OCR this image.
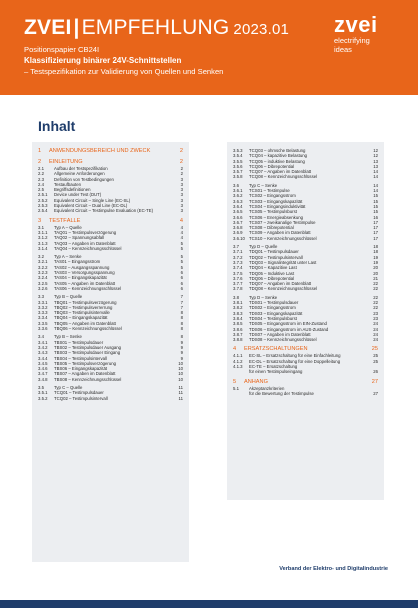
ZVEI|EMPFEHLUNG 2023.01
Positionspapier CB24I
Klassifizierung binärer 24V-Schnittstellen
– Testspezifikation zur Validierung von Quellen und Senken
zvei
electrifying
ideas
Inhalt
1	ANWENDUNGSBEREICH UND ZWECK	2
2	EINLEITUNG	2
2.1	Aufbau der Testspezifikation	2
2.2	Allgemeine Anforderungen	2
2.3	Definition von Testbedingungen	3
2.4	Testaufbauten	3
2.5	Begriffsdefinitionen	3
2.5.1	Device under Test (DUT)	3
2.5.2	Equivalent Circuit – Single Line (EC-SL)	3
2.5.3	Equivalent Circuit – Dual Line (EC-DL)	3
2.5.4	Equivalent Circuit – Testimpulse Evaluation (EC-TE)	3
3	TESTFÄLLE	4
3.1	Typ A – Quelle	4
3.1.1	TAQ01 – Testimpulsverzögerung	4
3.1.2	TAQ02 – Spannungsabfall	4
3.1.3	TAQ03 – Angaben im Datenblatt	5
3.1.4	TAQ04 – Kennzeichnungsschlüssel	5
3.2	Typ A – Senke	5
3.2.1	TAS01 – Eingangsstrom	5
3.2.2	TAS02 – Ausgangsspannung	5
3.2.3	TAS03 – Versorgungsspannung	6
3.2.4	TAS04 – Eingangskapazität	6
3.2.5	TAS05 – Angaben im Datenblatt	6
3.2.6	TAS06 – Kennzeichnungsschlüssel	6
3.3	Typ B – Quelle	7
3.3.1	TBQ01 – Testimpulsverzögerung	7
3.3.2	TBQ02 – Testimpulsverrerrung	7
3.3.3	TBQ03 – Testimpulsintervalle	8
3.3.4	TBQ04 – Eingangskapazität	8
3.3.5	TBQ05 – Angaben im Datenblatt	8
3.3.6	TBQ06 – Kennzeichnungsschlüssel	8
3.4	Typ B – Senke	8
3.4.1	TBS01 – Testimpulsdauer	9
3.4.2	TBS02 – Testimpulsdauer Ausgang	9
3.4.3	TBS03 – Testimpulsdauer Eingang	9
3.4.4	TBS04 – Testimpulsintervall	9
3.4.5	TBS05 – Testimpulsverzögerung	10
3.4.6	TBS06 – Eingangskapazität	10
3.4.7	TBS07 – Angaben im Datenblatt	10
3.4.8	TBS08 – Kennzeichnungsschlüssel	10
3.5	Typ C – Quelle	11
3.5.1	TCQ01 – Testimpulsdauer	11
3.5.2	TCQ02 – Testimpulsintervall	11
3.5.3	TCQ03 – ohmsche Belastung	12
3.5.4	TCQ04 – kapazitive Belastung	12
3.5.5	TCQ05 – induktive Belastung	13
3.5.6	TCQ06 – Dibrepotential	13
3.5.7	TCQ07 – Angaben im Datenblatt	14
3.5.8	TCQ08 – Kennzeichnungsschlüssel	14
3.6	Typ C – Senke	14
3.6.1	TCS01 – Testimpulse	14
3.6.2	TCS02 – Eingangsstrom	15
3.6.3	TCS03 – Eingangskapazität	15
3.6.4	TCS04 – Eingangsinduktivität	15
3.6.5	TCS05 – Testimpulsburst	15
3.6.6	TCS06 – Energieabsenkung	16
3.6.7	TCS07 – zweikanalige Testimpulse	17
3.6.8	TCS08 – Dibrepotential	17
3.6.9	TCS09 – Angaben im Datenblatt	17
3.6.10 TCS10 – Kennzeichnungsschlüssel	17
3.7	Typ D – Quelle	18
3.7.1	TDQ01 – Testimpulsdauer	18
3.7.2	TDQ02 – Testimpulsintervall	19
3.7.3	TDQ03 – Signalintegrität unter Last	19
3.7.4	TDQ04 – Kapazitive Last	20
3.7.5	TDQ05 – Induktive Last	20
3.7.6	TDQ06 – Dibrepotential	21
3.7.7	TDQ07 – Angaben im Datenblatt	22
3.7.8	TDQ08 – Kennzeichnungsschlüssel	22
3.8	Typ D – Senke	22
3.8.1	TDS01 – Testimpulsdauer	22
3.8.2	TDS02 – Eingangsstrom	22
3.8.3	TDS03 – Eingangskapazität	23
3.8.4	TDS04 – Testimpulsburst	23
3.8.5	TDS05 – Eingangsstrom im EIN-Zustand	24
3.8.6	TDS06 – Eingangsstrom im AUS-Zustand	24
3.8.7	TDS07 – Angaben im Datenblatt	24
3.8.8	TDS08 – Kennzeichnungsschlüssel	24
4	ERSATZSCHALTUNGEN	25
4.1.1	EC-SL – Ersatzschaltung für eine Einfachleitung	25
4.1.2	EC-DL – Ersatzschaltung für eine Doppelleitung	25
4.1.3	EC-TE – Ersatzschaltung
für einen Testimpulseingang	26
5	ANHANG	27
5.1	Akzeptanzkriterien
für die Bewertung der Testimpulse	27
Verband der Elektro- und Digitalindustrie
